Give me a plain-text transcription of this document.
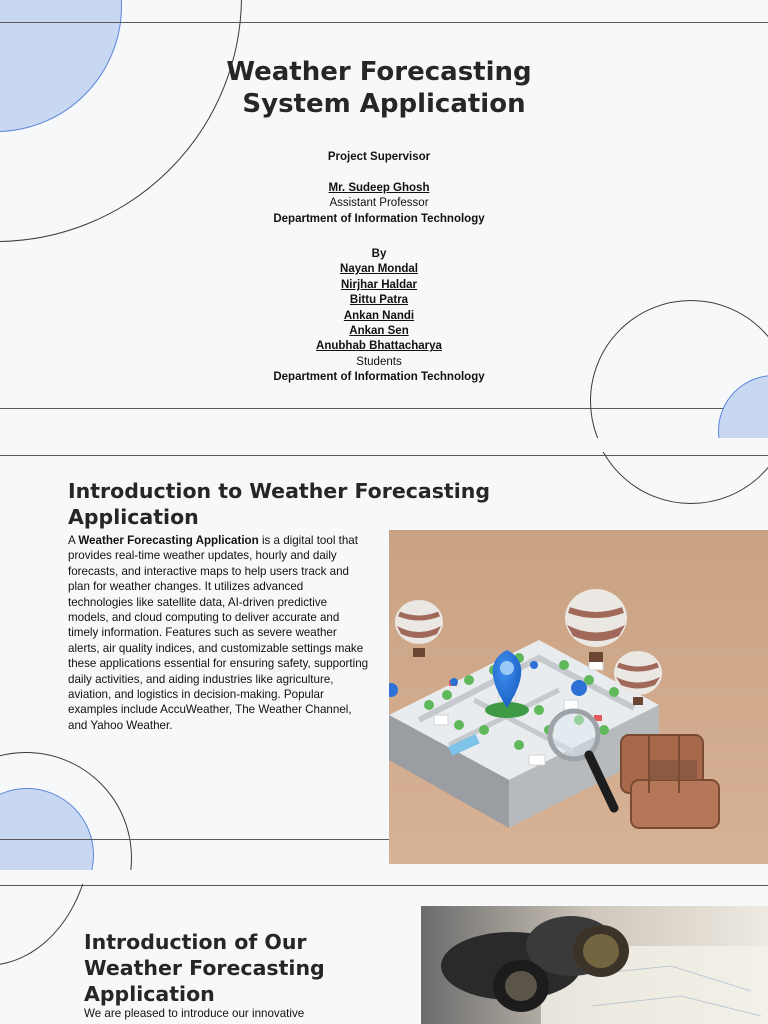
Weather Forecasting
System Application
Project Supervisor
Mr. Sudeep Ghosh
Assistant Professor
Department of Information Technology
By
Nayan Mondal
Nirjhar Haldar
Bittu Patra
Ankan Nandi
Ankan Sen
Anubhab Bhattacharya
Students
Department of Information Technology
Introduction to Weather Forecasting Application
A Weather Forecasting Application is a digital tool that provides real-time weather updates, hourly and daily forecasts, and interactive maps to help users track and plan for weather changes. It utilizes advanced technologies like satellite data, AI-driven predictive models, and cloud computing to deliver accurate and timely information. Features such as severe weather alerts, air quality indices, and customizable settings make these applications essential for ensuring safety, supporting daily activities, and aiding industries like agriculture, aviation, and logistics in decision-making. Popular examples include AccuWeather, The Weather Channel, and Yahoo Weather.
Introduction of Our Weather Forecasting Application
We are pleased to introduce our innovative
